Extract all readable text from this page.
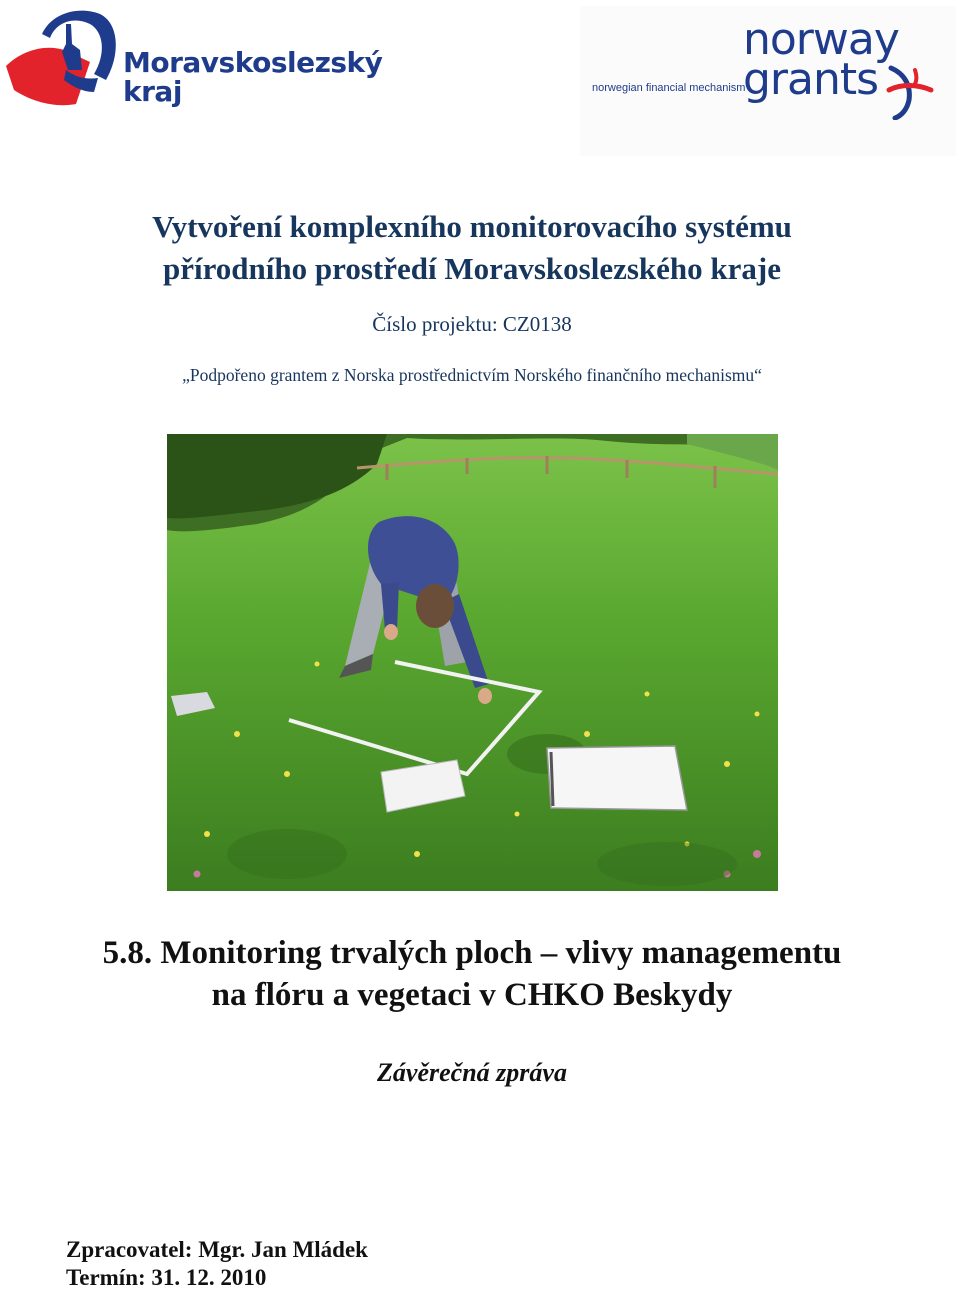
Moravskoslezský
kraj
norway
grants
norwegian financial mechanism
Vytvoření komplexního monitorovacího systému
přírodního prostředí Moravskoslezského kraje
Číslo projektu: CZ0138
„Podpořeno grantem z Norska prostřednictvím Norského finančního mechanismu“
5.8. Monitoring trvalých ploch – vlivy managementu
na flóru a vegetaci v CHKO Beskydy
Závěrečná zpráva
Zpracovatel: Mgr. Jan Mládek
Termín: 31. 12. 2010
